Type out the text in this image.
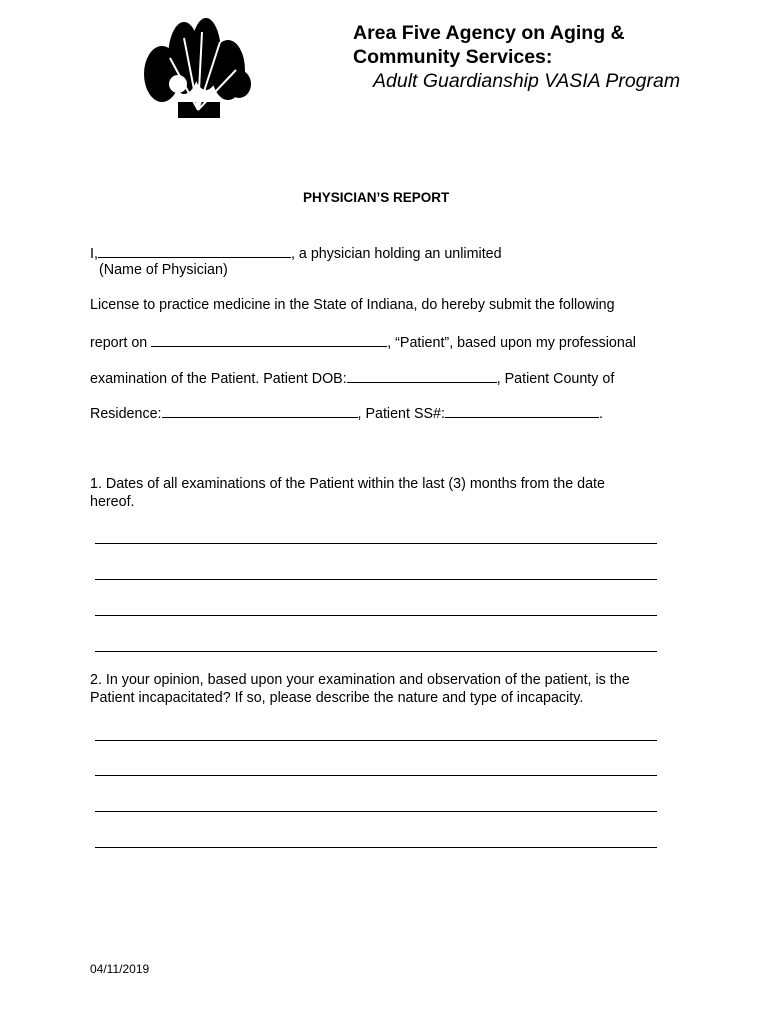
Area Five Agency on Aging &
Community Services:
Adult Guardianship VASIA Program
PHYSICIAN’S REPORT
I,	, a physician holding an unlimited
(Name of Physician)
License to practice medicine in the State of Indiana, do hereby submit the following
report on	, “Patient”, based upon my professional
examination of the Patient. Patient DOB:	, Patient County of
Residence:	, Patient SS#:	.
1. Dates of all examinations of the Patient within the last (3) months from the date
hereof.
2. In your opinion, based upon your examination and observation of the patient, is the
Patient incapacitated? If so, please describe the nature and type of incapacity.
04/11/2019
